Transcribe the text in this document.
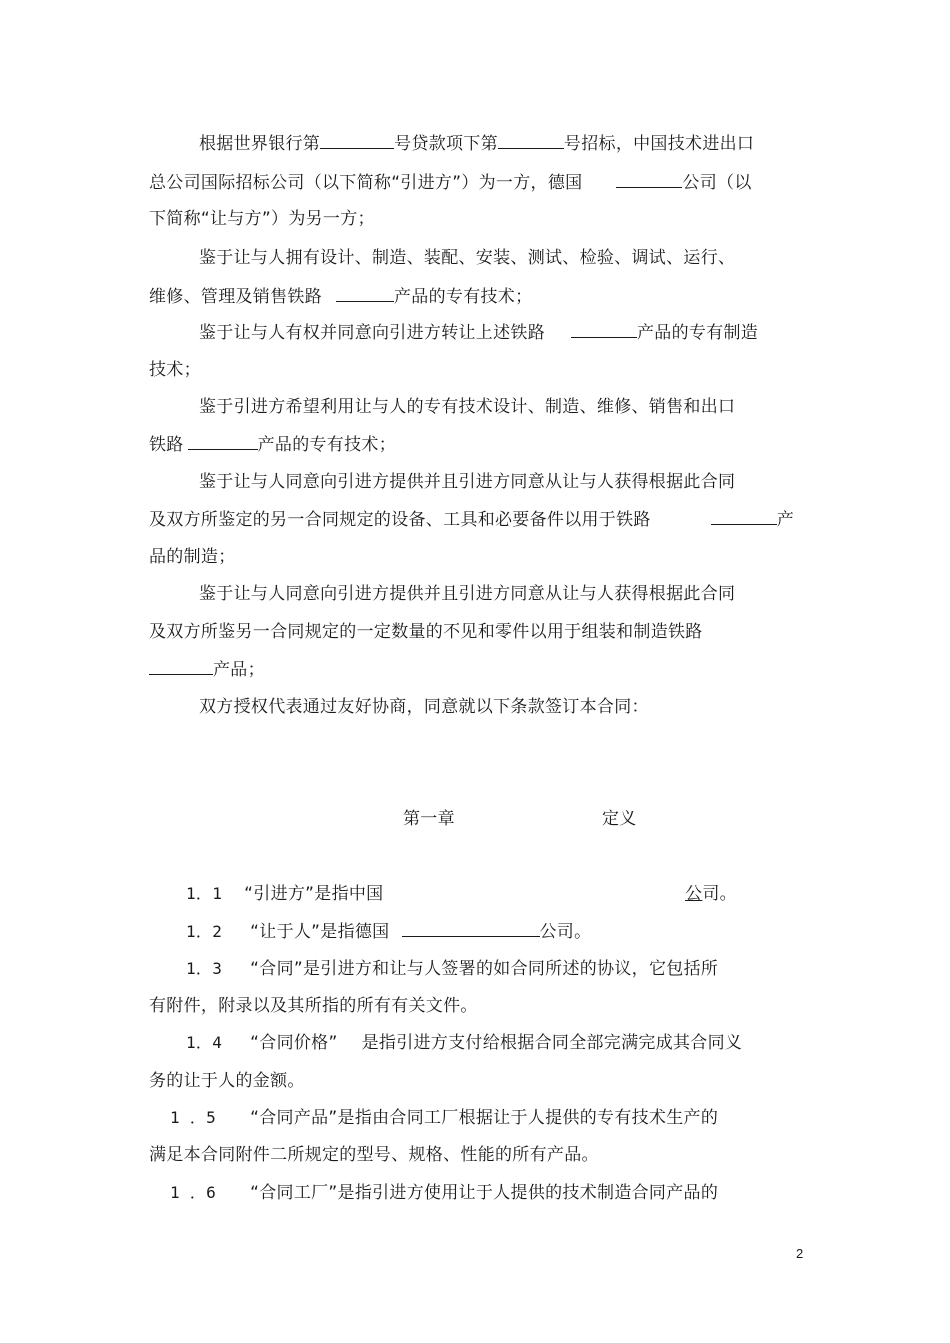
根据世界银行第	号贷款项下第	号招标，中国技术进出口
总公司国际招标公司（以下简称“引进方”）为一方，德国	公司（以
下简称“让与方”）为另一方；
鉴于让与人拥有设计、制造、装配、安装、测试、检验、调试、运行、
维修、管理及销售铁路	产品的专有技术；
鉴于让与人有权并同意向引进方转让上述铁路	产品的专有制造
技术；
鉴于引进方希望利用让与人的专有技术设计、制造、维修、销售和出口
铁路	产品的专有技术；
鉴于让与人同意向引进方提供并且引进方同意从让与人获得根据此合同
及双方所鉴定的另一合同规定的设备、工具和必要备件以用于铁路	产
品的制造；
鉴于让与人同意向引进方提供并且引进方同意从让与人获得根据此合同
及双方所鉴另一合同规定的一定数量的不见和零件以用于组装和制造铁路
产品；
双方授权代表通过友好协商，同意就以下条款签订本合同：
第一章	定义
1．1 “引进方”是指中国	公司。
1．2 “让于人”是指德国	公司。
1．3 “合同”是引进方和让与人签署的如合同所述的协议，它包括所
有附件，附录以及其所指的所有有关文件。
1．4 “合同价格” 是指引进方支付给根据合同全部完满完成其合同义
务的让于人的金额。
1 ．5 “合同产品”是指由合同工厂根据让于人提供的专有技术生产的
满足本合同附件二所规定的型号、规格、性能的所有产品。
1 ．6 “合同工厂”是指引进方使用让于人提供的技术制造合同产品的
2
